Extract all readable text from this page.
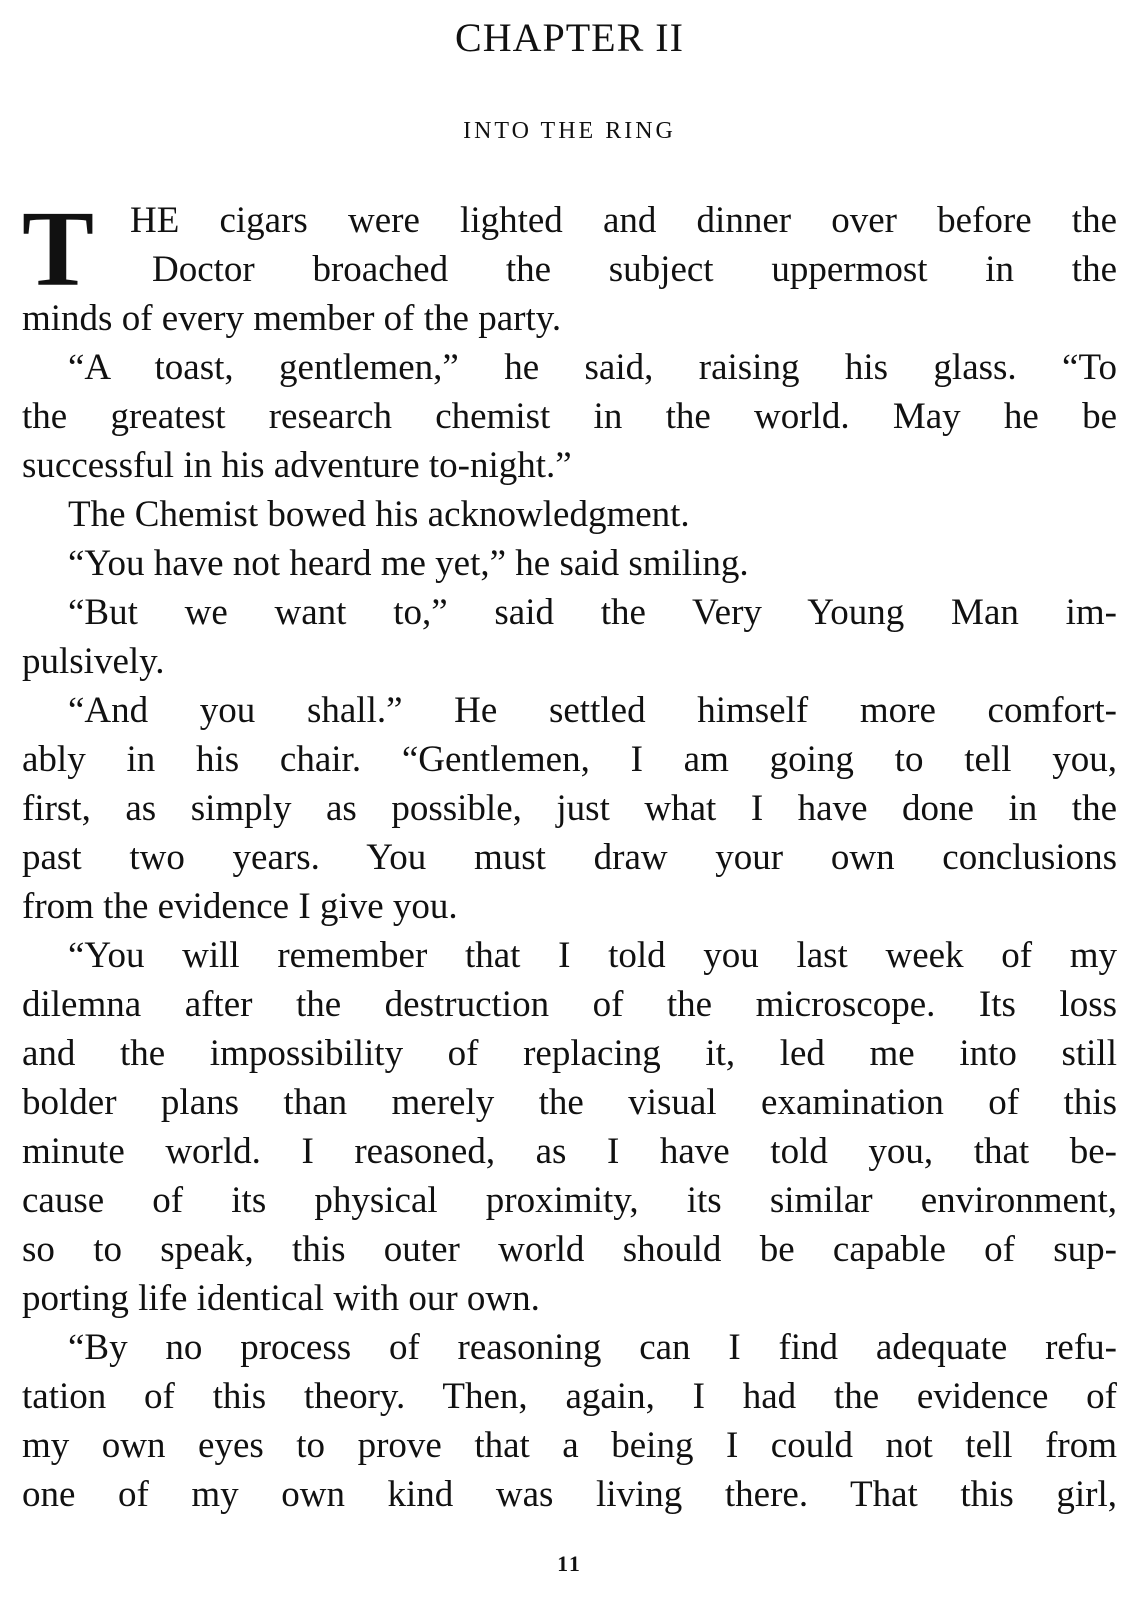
CHAPTER II
INTO THE RING
T HE cigars were lighted and dinner over before the
Doctor broached the subject uppermost in the
minds of every member of the party.
“A toast, gentlemen,” he said, raising his glass. “To
the greatest research chemist in the world. May he be
successful in his adventure to-night.”
The Chemist bowed his acknowledgment.
“You have not heard me yet,” he said smiling.
“But we want to,” said the Very Young Man im-
pulsively.
“And you shall.” He settled himself more comfort-
ably in his chair. “Gentlemen, I am going to tell you,
first, as simply as possible, just what I have done in the
past two years. You must draw your own conclusions
from the evidence I give you.
“You will remember that I told you last week of my
dilemna after the destruction of the microscope. Its loss
and the impossibility of replacing it, led me into still
bolder plans than merely the visual examination of this
minute world. I reasoned, as I have told you, that be-
cause of its physical proximity, its similar environment,
so to speak, this outer world should be capable of sup-
porting life identical with our own.
“By no process of reasoning can I find adequate refu-
tation of this theory. Then, again, I had the evidence of
my own eyes to prove that a being I could not tell from
one of my own kind was living there. That this girl,
11
